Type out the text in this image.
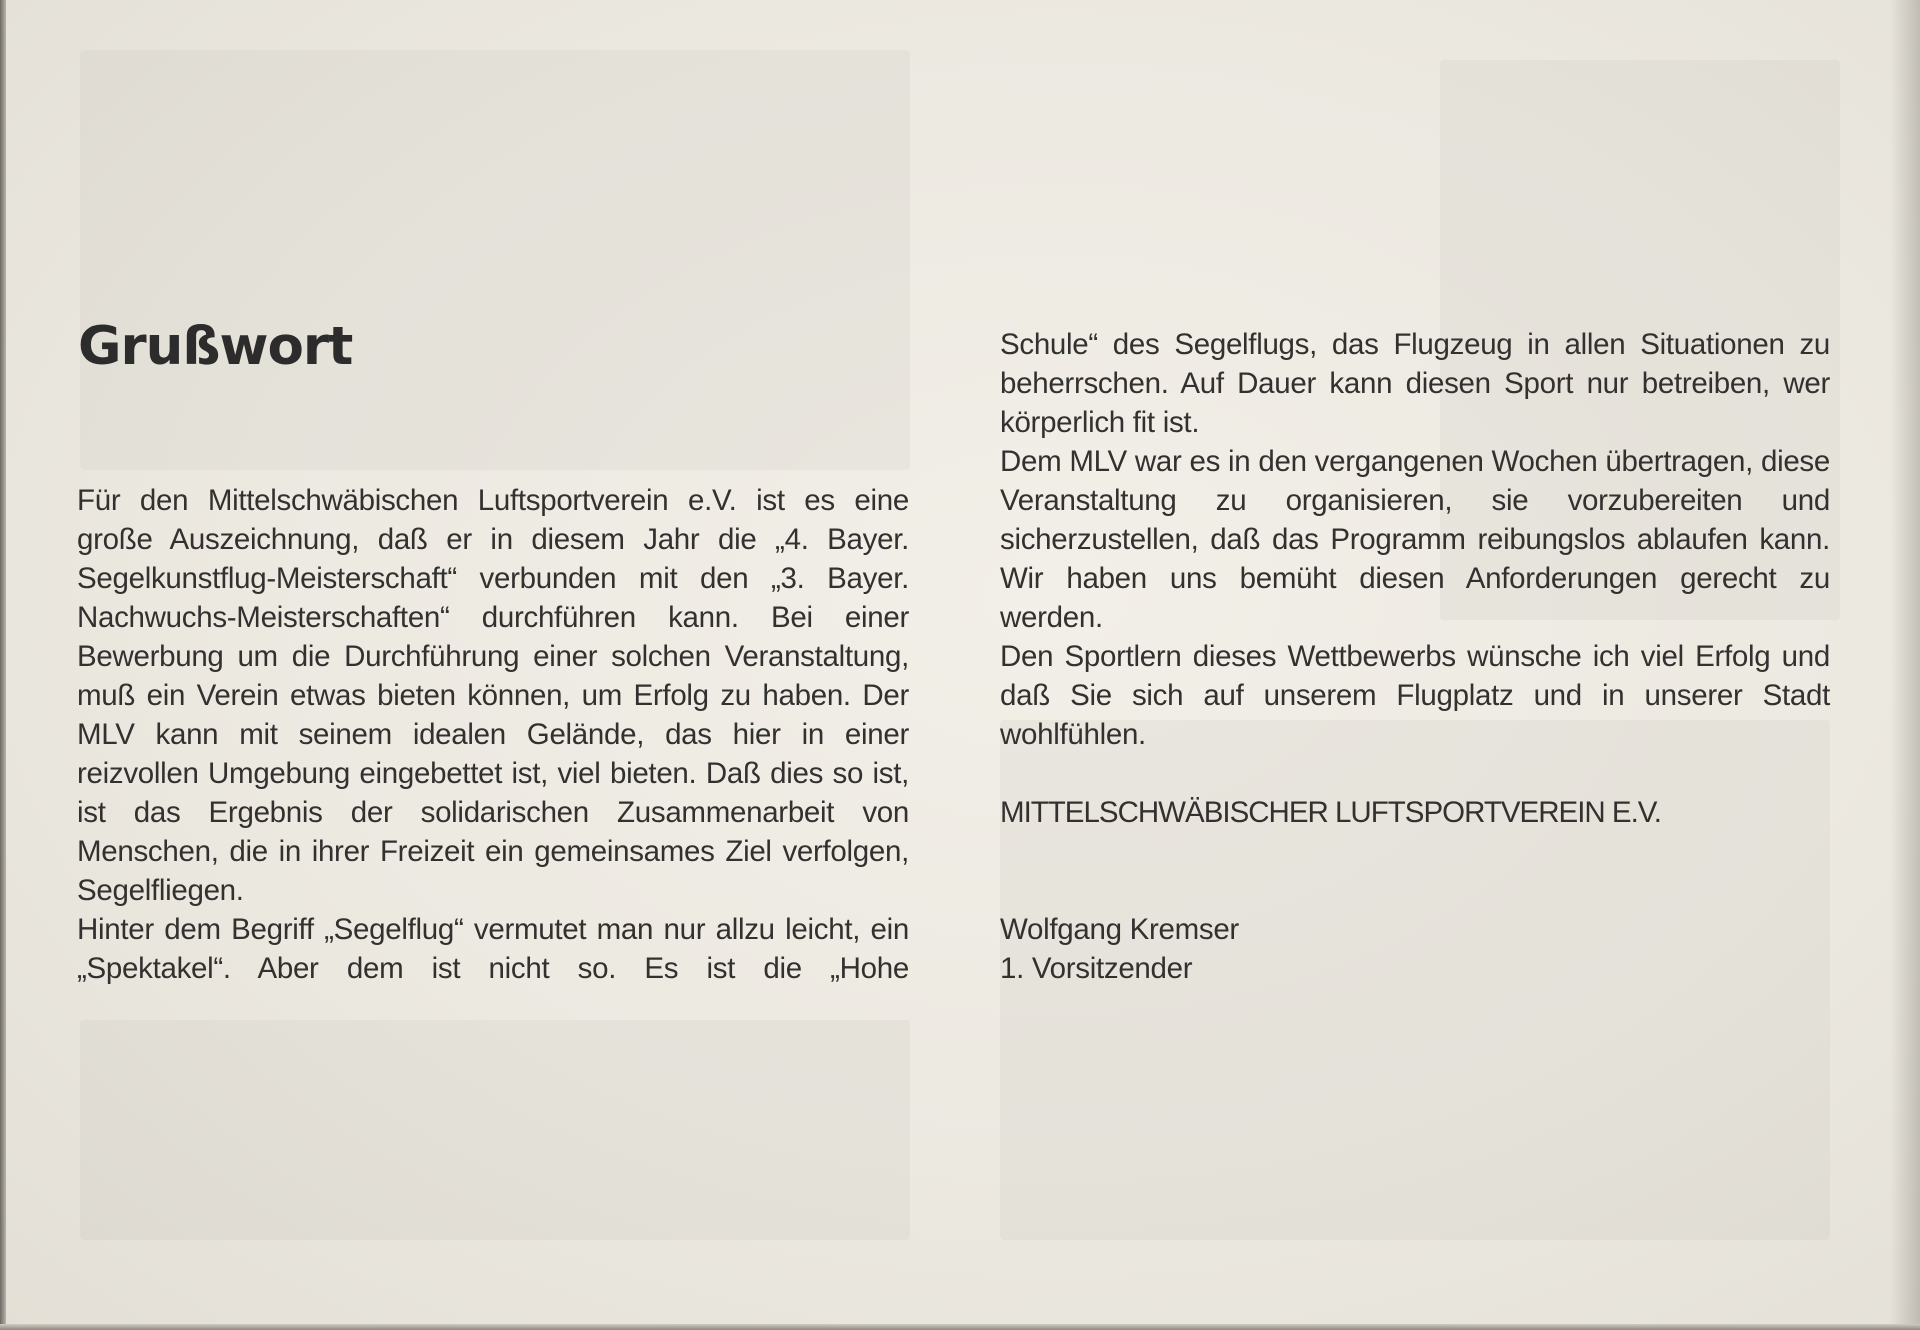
Grußwort

Für den Mittelschwäbischen Luftsportverein e.V. ist es eine große Auszeichnung, daß er in diesem Jahr die „4. Bayer. Segelkunstflug-Meisterschaft“ verbunden mit den „3. Bayer. Nachwuchs-Meisterschaften“ durchführen kann. Bei einer Bewerbung um die Durchführung einer solchen Veranstaltung, muß ein Verein etwas bieten können, um Erfolg zu haben. Der MLV kann mit seinem idealen Gelände, das hier in einer reizvollen Umgebung eingebettet ist, viel bieten. Daß dies so ist, ist das Ergebnis der solidarischen Zusammenarbeit von Menschen, die in ihrer Freizeit ein gemeinsames Ziel verfolgen, Segelfliegen.

Hinter dem Begriff „Segelflug“ vermutet man nur allzu leicht, ein „Spektakel“. Aber dem ist nicht so. Es ist die „Hohe

Schule“ des Segelflugs, das Flugzeug in allen Situationen zu beherrschen. Auf Dauer kann diesen Sport nur betreiben, wer körperlich fit ist.

Dem MLV war es in den vergangenen Wochen übertragen, diese Veranstaltung zu organisieren, sie vorzubereiten und sicherzustellen, daß das Programm reibungslos ablaufen kann. Wir haben uns bemüht diesen Anforderungen gerecht zu werden.

Den Sportlern dieses Wettbewerbs wünsche ich viel Erfolg und daß Sie sich auf unserem Flugplatz und in unserer Stadt wohlfühlen.

MITTELSCHWÄBISCHER LUFTSPORTVEREIN E.V.

Wolfgang Kremser

1. Vorsitzender
